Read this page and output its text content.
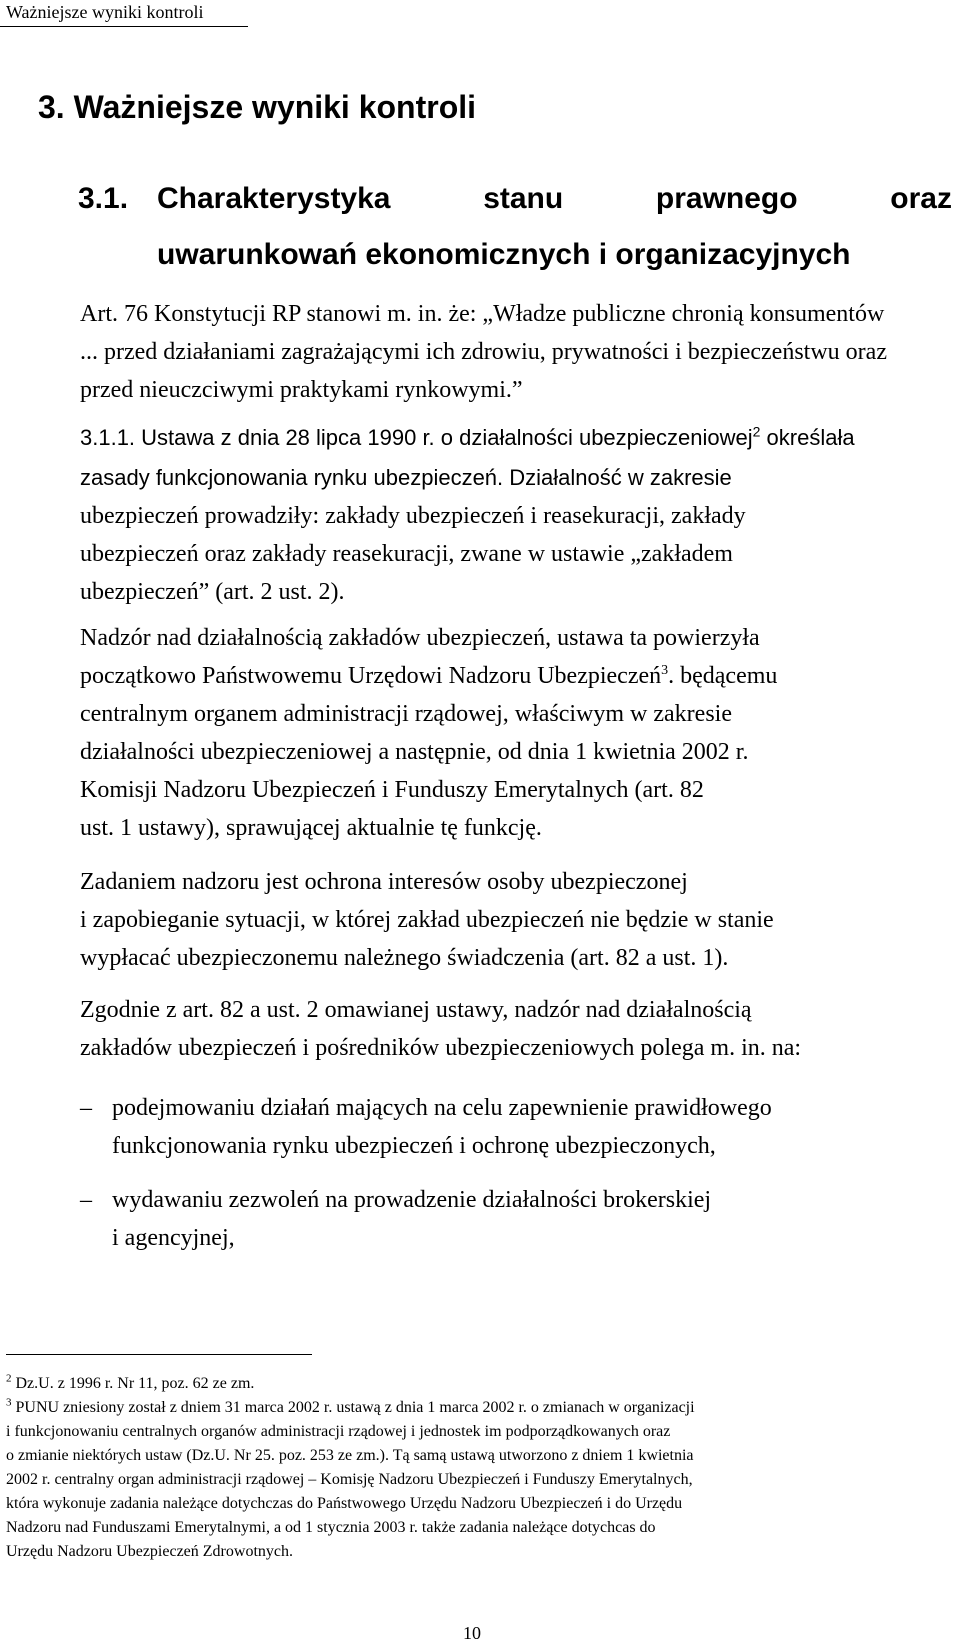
Ważniejsze wyniki kontroli
3. Ważniejsze wyniki kontroli
3.1. Charakterystyka	stanu	prawnego	oraz
uwarunkowań ekonomicznych i organizacyjnych
Art. 76 Konstytucji RP stanowi m. in. że: „Władze publiczne chronią konsumentów
... przed działaniami zagrażającymi ich zdrowiu, prywatności i bezpieczeństwu oraz
przed nieuczciwymi praktykami rynkowymi.”
3.1.1. Ustawa z dnia 28 lipca 1990 r. o działalności ubezpieczeniowej$^2$ określała
zasady funkcjonowania rynku ubezpieczeń. Działalność w zakresie
ubezpieczeń prowadziły: zakłady ubezpieczeń i reasekuracji, zakłady
ubezpieczeń oraz zakłady reasekuracji, zwane w ustawie „zakładem
ubezpieczeń” (art. 2 ust. 2).
Nadzór nad działalnością zakładów ubezpieczeń, ustawa ta powierzyła
początkowo Państwowemu Urzędowi Nadzoru Ubezpieczeń$^3$. będącemu
centralnym organem administracji rządowej, właściwym w zakresie
działalności ubezpieczeniowej a następnie, od dnia 1 kwietnia 2002 r.
Komisji Nadzoru Ubezpieczeń i Funduszy Emerytalnych (art. 82
ust. 1 ustawy), sprawującej aktualnie tę funkcję.
Zadaniem nadzoru jest ochrona interesów osoby ubezpieczonej
i zapobieganie sytuacji, w której zakład ubezpieczeń nie będzie w stanie
wypłacać ubezpieczonemu należnego świadczenia (art. 82 a ust. 1).
Zgodnie z art. 82 a ust. 2 omawianej ustawy, nadzór nad działalnością
zakładów ubezpieczeń i pośredników ubezpieczeniowych polega m. in. na:
– podejmowaniu działań mających na celu zapewnienie prawidłowego
funkcjonowania rynku ubezpieczeń i ochronę ubezpieczonych,
– wydawaniu zezwoleń na prowadzenie działalności brokerskiej
i agencyjnej,
$^2$ Dz.U. z 1996 r. Nr 11, poz. 62 ze zm.
$^3$ PUNU zniesiony został z dniem 31 marca 2002 r. ustawą z dnia 1 marca 2002 r. o zmianach w organizacji
i funkcjonowaniu centralnych organów administracji rządowej i jednostek im podporządkowanych oraz
o zmianie niektórych ustaw (Dz.U. Nr 25. poz. 253 ze zm.). Tą samą ustawą utworzono z dniem 1 kwietnia
2002 r. centralny organ administracji rządowej – Komisję Nadzoru Ubezpieczeń i Funduszy Emerytalnych,
która wykonuje zadania należące dotychczas do Państwowego Urzędu Nadzoru Ubezpieczeń i do Urzędu
Nadzoru nad Funduszami Emerytalnymi, a od 1 stycznia 2003 r. także zadania należące dotychcas do
Urzędu Nadzoru Ubezpieczeń Zdrowotnych.
10
